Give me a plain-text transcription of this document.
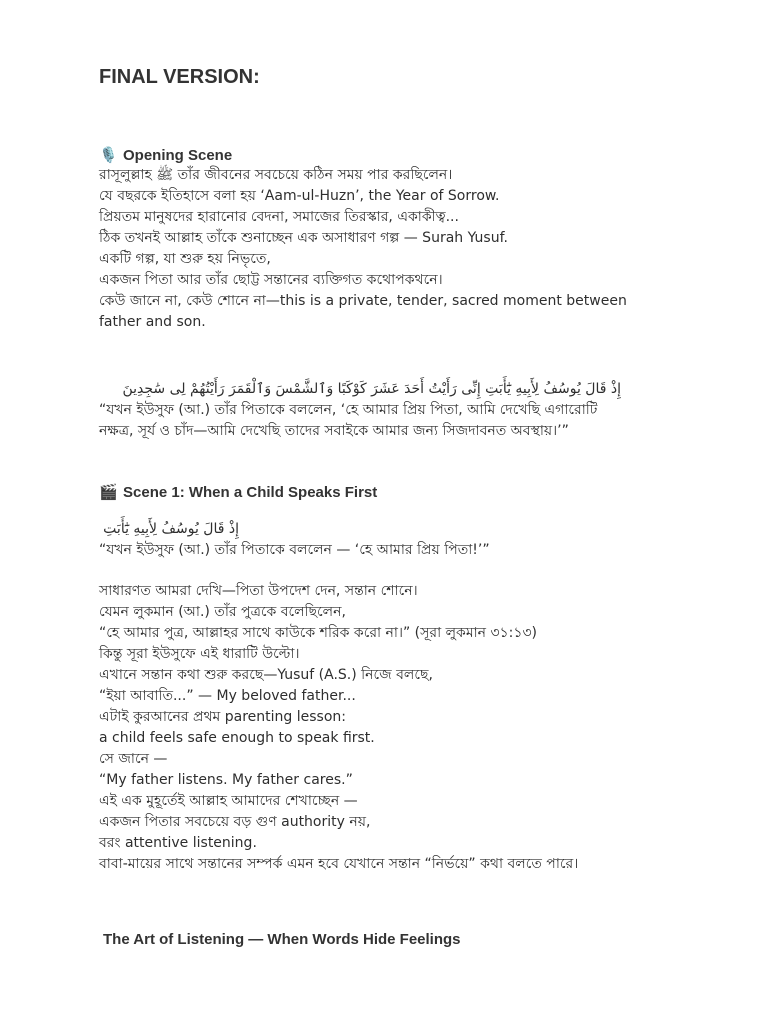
FINAL VERSION:
🎙️ Opening Scene
রাসূলুল্লাহ ﷺ তাঁর জীবনের সবচেয়ে কঠিন সময় পার করছিলেন।
যে বছরকে ইতিহাসে বলা হয় ‘Aam-ul-Huzn’, the Year of Sorrow.
প্রিয়তম মানুষদের হারানোর বেদনা, সমাজের তিরস্কার, একাকীত্ব...
ঠিক তখনই আল্লাহ তাঁকে শুনাচ্ছেন এক অসাধারণ গল্প — Surah Yusuf.
একটি গল্প, যা শুরু হয় নিভৃতে,
একজন পিতা আর তাঁর ছোট্ট সন্তানের ব্যক্তিগত কথোপকথনে।
কেউ জানে না, কেউ শোনে না—this is a private, tender, sacred moment between
father and son.
إِذْ قَالَ يُوسُفُ لِأَبِيهِ يَٰٓأَبَتِ إِنِّى رَأَيْتُ أَحَدَ عَشَرَ كَوْكَبًا وَٱلشَّمْسَ وَٱلْقَمَرَ رَأَيْتُهُمْ لِى سَٰجِدِينَ
“যখন ইউসুফ (আ.) তাঁর পিতাকে বললেন, ‘হে আমার প্রিয় পিতা, আমি দেখেছি এগারোটি
নক্ষত্র, সূর্য ও চাঁদ—আমি দেখেছি তাদের সবাইকে আমার জন্য সিজদাবনত অবস্থায়।’”
🎬 Scene 1: When a Child Speaks First
إِذْ قَالَ يُوسُفُ لِأَبِيهِ يَٰٓأَبَتِ
“যখন ইউসুফ (আ.) তাঁর পিতাকে বললেন — ‘হে আমার প্রিয় পিতা!’”
সাধারণত আমরা দেখি—পিতা উপদেশ দেন, সন্তান শোনে।
যেমন লুকমান (আ.) তাঁর পুত্রকে বলেছিলেন,
“হে আমার পুত্র, আল্লাহর সাথে কাউকে শরিক করো না।” (সূরা লুকমান ৩১:১৩)
কিন্তু সূরা ইউসুফে এই ধারাটি উল্টো।
এখানে সন্তান কথা শুরু করছে—Yusuf (A.S.) নিজে বলছে,
“ইয়া আবাতি...” — My beloved father...
এটাই কুরআনের প্রথম parenting lesson:
a child feels safe enough to speak first.
সে জানে —
“My father listens. My father cares.”
এই এক মুহূর্তেই আল্লাহ আমাদের শেখাচ্ছেন —
একজন পিতার সবচেয়ে বড় গুণ authority নয়,
বরং attentive listening.
বাবা-মায়ের সাথে সন্তানের সম্পর্ক এমন হবে যেখানে সন্তান “নির্ভয়ে” কথা বলতে পারে।
The Art of Listening — When Words Hide Feelings
